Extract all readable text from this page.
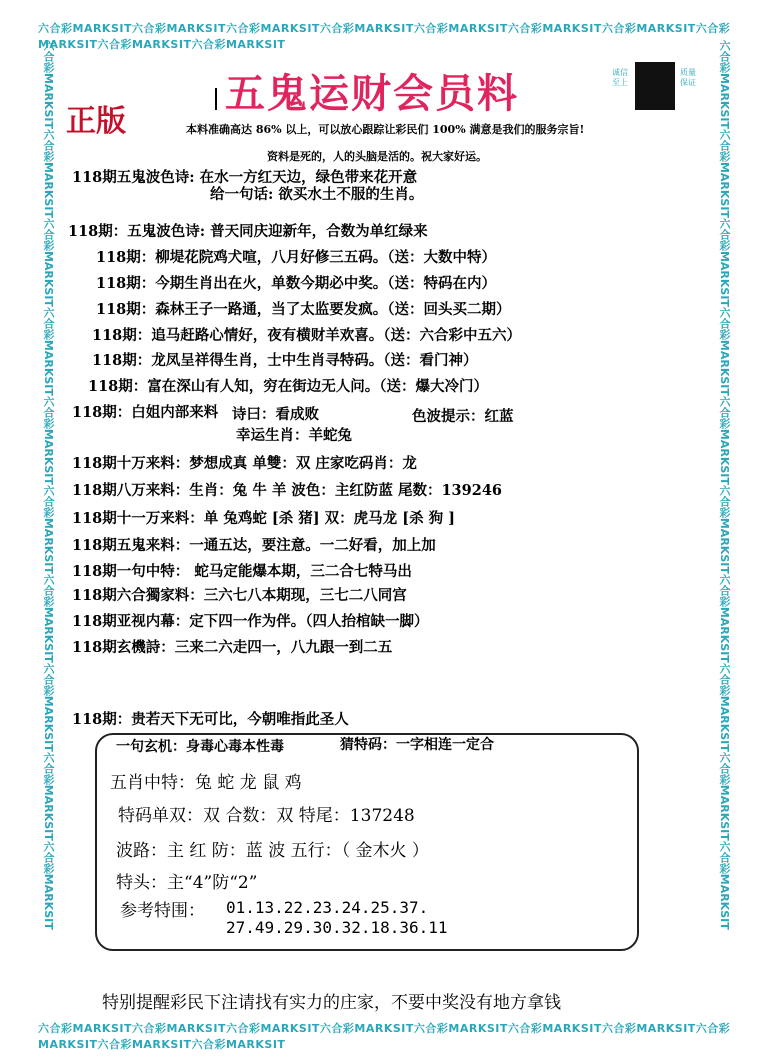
六合彩MARKSIT六合彩MARKSIT六合彩MARKSIT六合彩MARKSIT六合彩MARKSIT六合彩MARKSIT六合彩MARKSIT六合彩MARKSIT六合彩MARKSIT六合彩MARKSIT
六合彩MARKSIT六合彩MARKSIT六合彩MARKSIT六合彩MARKSIT六合彩MARKSIT六合彩MARKSIT六合彩MARKSIT六合彩MARKSIT六合彩MARKSIT六合彩MARKSIT
六合彩MARKSIT六合彩MARKSIT六合彩MARKSIT六合彩MARKSIT六合彩MARKSIT六合彩MARKSIT六合彩MARKSIT六合彩MARKSIT六合彩MARKSIT六合彩MARKSIT	六合彩MARKSIT六合彩MARKSIT六合彩MARKSIT六合彩MARKSIT六合彩MARKSIT六合彩MARKSIT六合彩MARKSIT六合彩MARKSIT六合彩MARKSIT六合彩MARKSIT
五鬼运财会员料
正版
诚信至上
质量保证
本料准确高达 86% 以上，可以放心跟踪让彩民们 100% 满意是我们的服务宗旨!
资料是死的，人的头脑是活的。祝大家好运。
118期五鬼波色诗: 在水一方红天边，绿色带来花开意
给一句话: 欲买水土不服的生肖。
118期：五鬼波色诗: 普天同庆迎新年，合数为单红绿来
118期：柳堤花院鸡犬喧，八月好修三五码。（送：大数中特）
118期：今期生肖出在火，单数今期必中奖。（送：特码在内）
118期：森林王子一路通，当了太监要发疯。（送：回头买二期）
118期：追马赶路心情好，夜有横财羊欢喜。（送：六合彩中五六）
118期：龙凤呈祥得生肖，士中生肖寻特码。（送：看门神）
118期：富在深山有人知，穷在街边无人问。（送：爆大冷门）
118期：白姐内部来料 诗曰：看成败	色波提示：红蓝
幸运生肖：羊蛇兔
118期十万来料：梦想成真 单雙：双 庄家吃码肖：龙
118期八万来料：生肖：兔 牛 羊 波色：主红防蓝 尾数：139246
118期十一万来料：单 兔鸡蛇 [杀 猪] 双：虎马龙 [杀 狗 ]
118期五鬼来料：一通五达，要注意。一二好看，加上加
118期一句中特： 蛇马定能爆本期，三二合七特马出
118期六合獨家料：三六七八本期现，三七二八同宫
118期亚视内幕：定下四一作为伴。（四人抬棺缺一脚）
118期玄機詩：三来二六走四一，八九跟一到二五
118期：贵若天下无可比，今朝唯指此圣人
一句玄机：身毒心毒本性毒	猜特码：一字相连一定合
五肖中特：兔 蛇 龙 鼠 鸡
特码单双：双 合数：双 特尾：137248
波路：主 红 防：蓝 波 五行：（ 金木火 ）
特头：主“4”防“2”
参考特围： 01.13.22.23.24.25.37.
27.49.29.30.32.18.36.11
特别提醒彩民下注请找有实力的庄家，不要中奖没有地方拿钱
